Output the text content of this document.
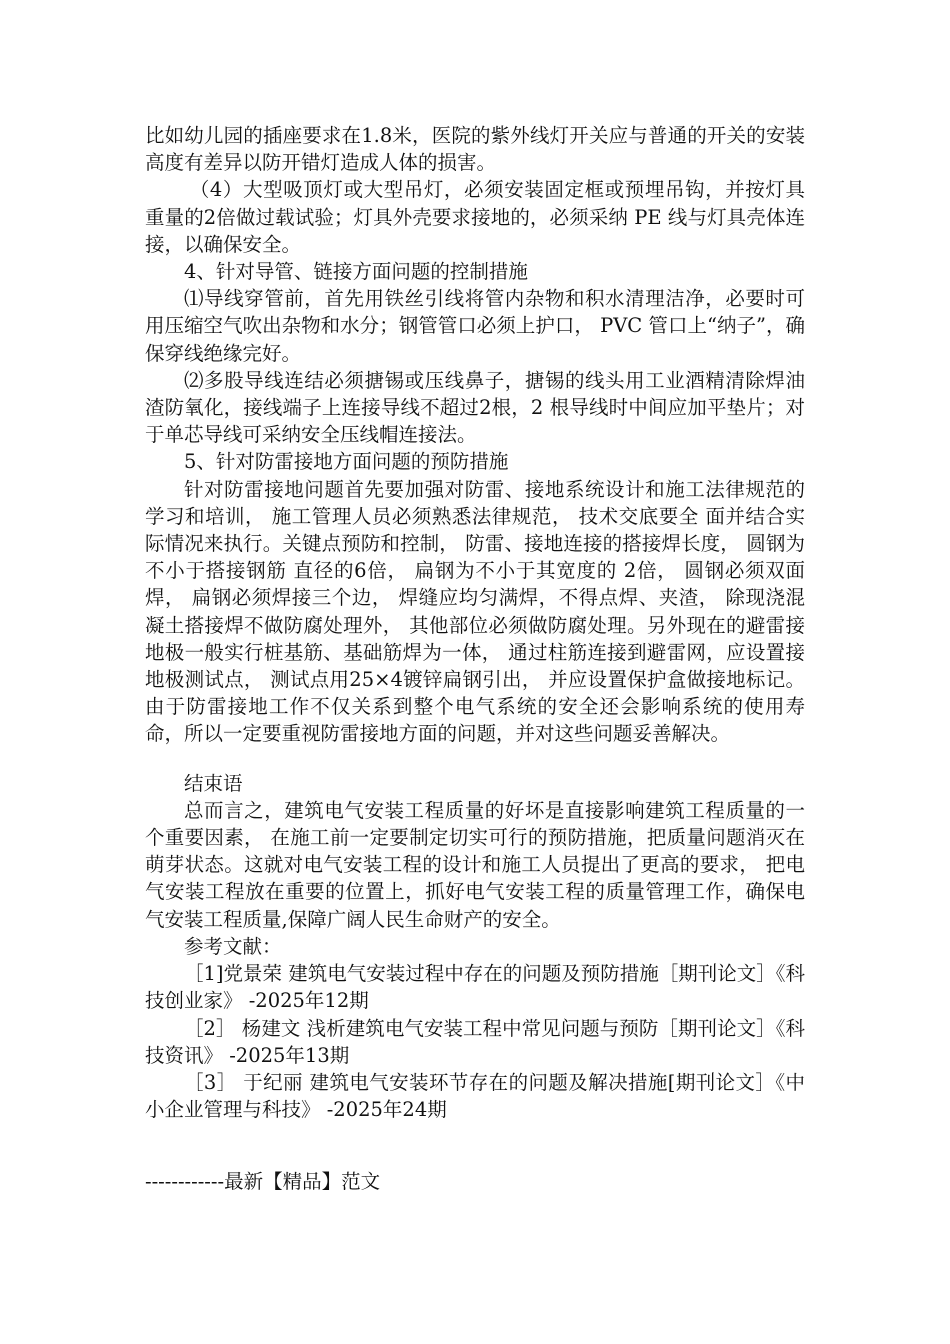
比如幼儿园的插座要求在1.8米，医院的紫外线灯开关应与普通的开关的安装高度有差异以防开错灯造成人体的损害。

（4）大型吸顶灯或大型吊灯，必须安装固定框或预埋吊钩，并按灯具重量的2倍做过载试验；灯具外壳要求接地的，必须采纳 PE 线与灯具壳体连接，以确保安全。

4、针对导管、链接方面问题的控制措施

⑴导线穿管前，首先用铁丝引线将管内杂物和积水清理洁净，必要时可用压缩空气吹出杂物和水分；钢管管口必须上护口， PVC 管口上“纳子”，确保穿线绝缘完好。

⑵多股导线连结必须搪锡或压线鼻子，搪锡的线头用工业酒精清除焊油渣防氧化，接线端子上连接导线不超过2根，2 根导线时中间应加平垫片；对于单芯导线可采纳安全压线帽连接法。

5、针对防雷接地方面问题的预防措施

针对防雷接地问题首先要加强对防雷、接地系统设计和施工法律规范的学习和培训， 施工管理人员必须熟悉法律规范， 技术交底要全 面并结合实际情况来执行。关键点预防和控制， 防雷、接地连接的搭接焊长度， 圆钢为不小于搭接钢筋 直径的6倍， 扁钢为不小于其宽度的 2倍， 圆钢必须双面焊， 扁钢必须焊接三个边， 焊缝应均匀满焊，不得点焊、夹渣， 除现浇混凝土搭接焊不做防腐处理外， 其他部位必须做防腐处理。另外现在的避雷接地极一般实行桩基筋、基础筋焊为一体， 通过柱筋连接到避雷网，应设置接地极测试点， 测试点用25×4镀锌扁钢引出， 并应设置保护盒做接地标记。由于防雷接地工作不仅关系到整个电气系统的安全还会影响系统的使用寿命，所以一定要重视防雷接地方面的问题，并对这些问题妥善解决。

结束语

总而言之，建筑电气安装工程质量的好坏是直接影响建筑工程质量的一个重要因素， 在施工前一定要制定切实可行的预防措施，把质量问题消灭在萌芽状态。这就对电气安装工程的设计和施工人员提出了更高的要求， 把电气安装工程放在重要的位置上，抓好电气安装工程的质量管理工作，确保电气安装工程质量,保障广阔人民生命财产的安全。

参考文献：

［1]党景荣 建筑电气安装过程中存在的问题及预防措施［期刊论文］《科技创业家》 -2025年12期

［2］ 杨建文 浅析建筑电气安装工程中常见问题与预防［期刊论文］《科技资讯》 -2025年13期

［3］ 于纪丽 建筑电气安装环节存在的问题及解决措施[期刊论文］《中小企业管理与科技》 -2025年24期

------------最新【精品】范文
